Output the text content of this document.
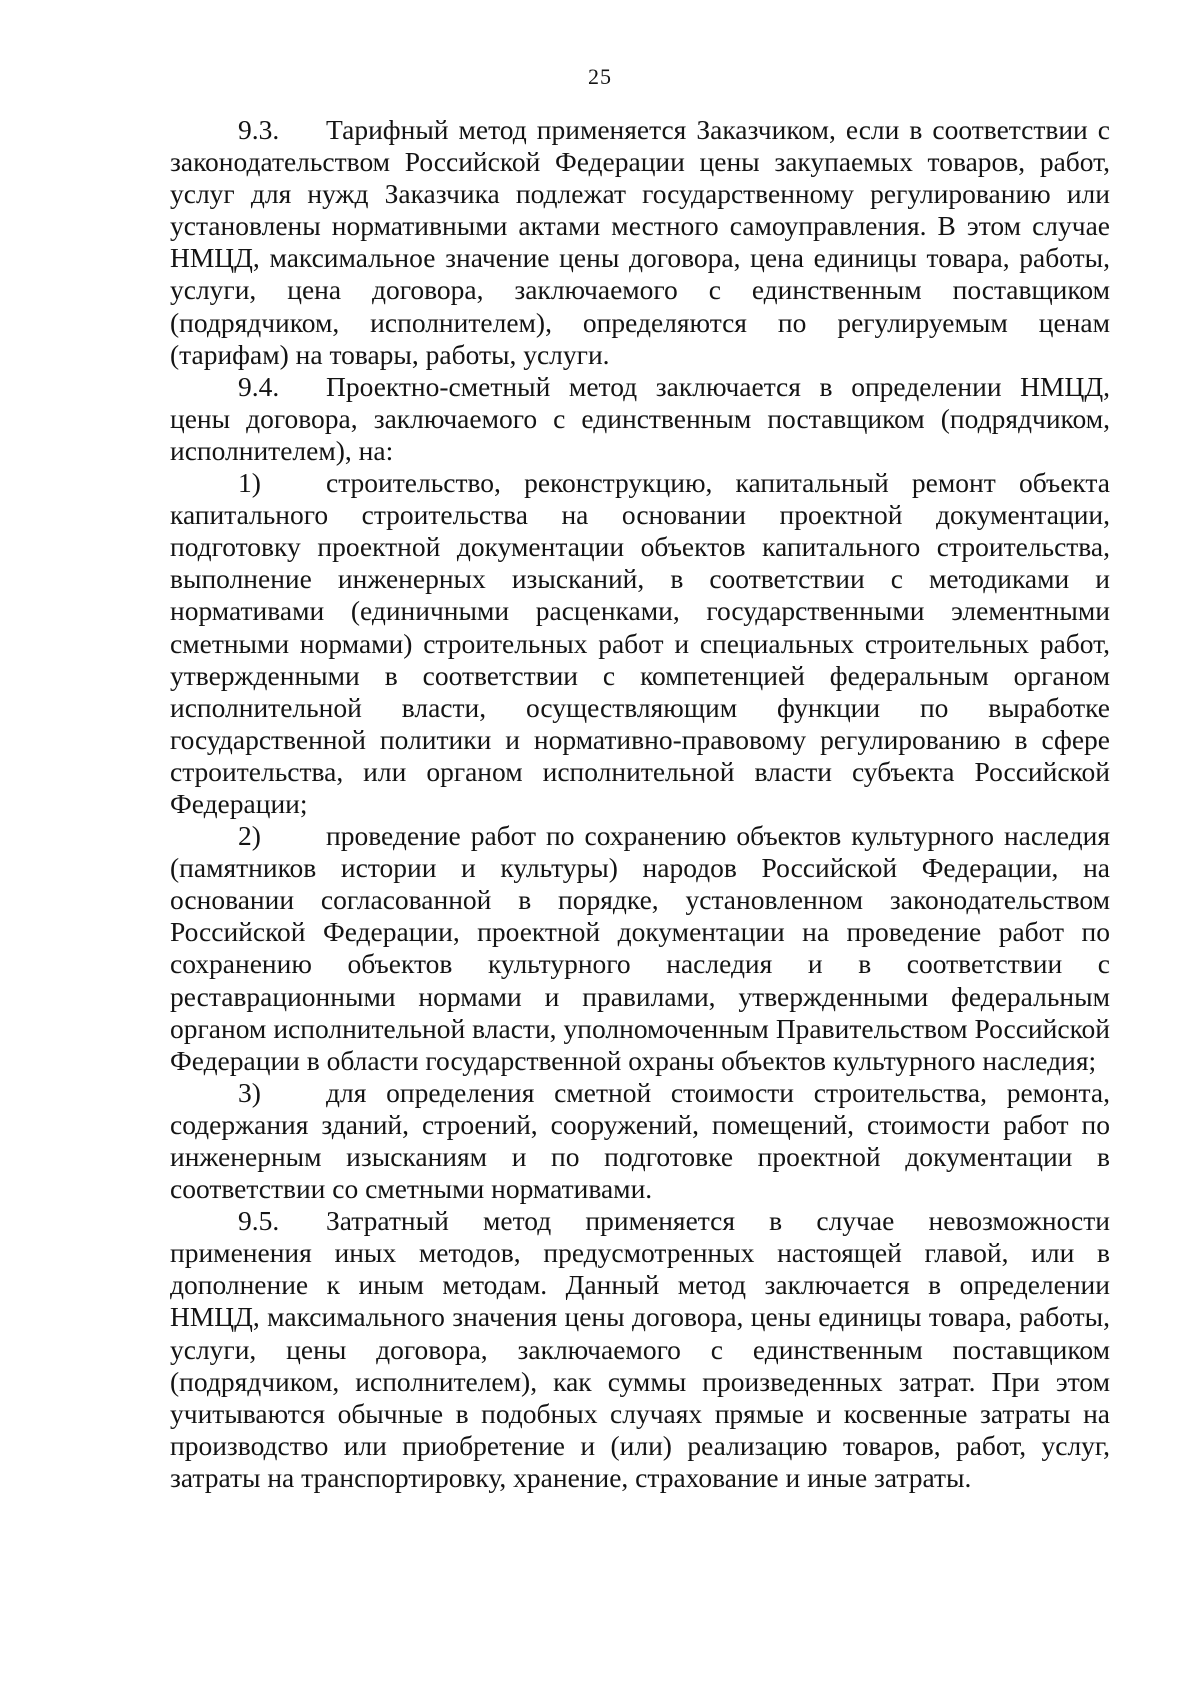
25

9.3. Тарифный метод применяется Заказчиком, если в соответствии с законодательством Российской Федерации цены закупаемых товаров, работ, услуг для нужд Заказчика подлежат государственному регулированию или установлены нормативными актами местного самоуправления. В этом случае НМЦД, максимальное значение цены договора, цена единицы товара, работы, услуги, цена договора, заключаемого с единственным поставщиком (подрядчиком, исполнителем), определяются по регулируемым ценам (тарифам) на товары, работы, услуги.

9.4. Проектно-сметный метод заключается в определении НМЦД, цены договора, заключаемого с единственным поставщиком (подрядчиком, исполнителем), на:

1) строительство, реконструкцию, капитальный ремонт объекта капитального строительства на основании проектной документации, подготовку проектной документации объектов капитального строительства, выполнение инженерных изысканий, в соответствии с методиками и нормативами (единичными расценками, государственными элементными сметными нормами) строительных работ и специальных строительных работ, утвержденными в соответствии с компетенцией федеральным органом исполнительной власти, осуществляющим функции по выработке государственной политики и нормативно-правовому регулированию в сфере строительства, или органом исполнительной власти субъекта Российской Федерации;

2) проведение работ по сохранению объектов культурного наследия (памятников истории и культуры) народов Российской Федерации, на основании согласованной в порядке, установленном законодательством Российской Федерации, проектной документации на проведение работ по сохранению объектов культурного наследия и в соответствии с реставрационными нормами и правилами, утвержденными федеральным органом исполнительной власти, уполномоченным Правительством Российской Федерации в области государственной охраны объектов культурного наследия;

3) для определения сметной стоимости строительства, ремонта, содержания зданий, строений, сооружений, помещений, стоимости работ по инженерным изысканиям и по подготовке проектной документации в соответствии со сметными нормативами.

9.5. Затратный метод применяется в случае невозможности применения иных методов, предусмотренных настоящей главой, или в дополнение к иным методам. Данный метод заключается в определении НМЦД, максимального значения цены договора, цены единицы товара, работы, услуги, цены договора, заключаемого с единственным поставщиком (подрядчиком, исполнителем), как суммы произведенных затрат. При этом учитываются обычные в подобных случаях прямые и косвенные затраты на производство или приобретение и (или) реализацию товаров, работ, услуг, затраты на транспортировку, хранение, страхование и иные затраты.
